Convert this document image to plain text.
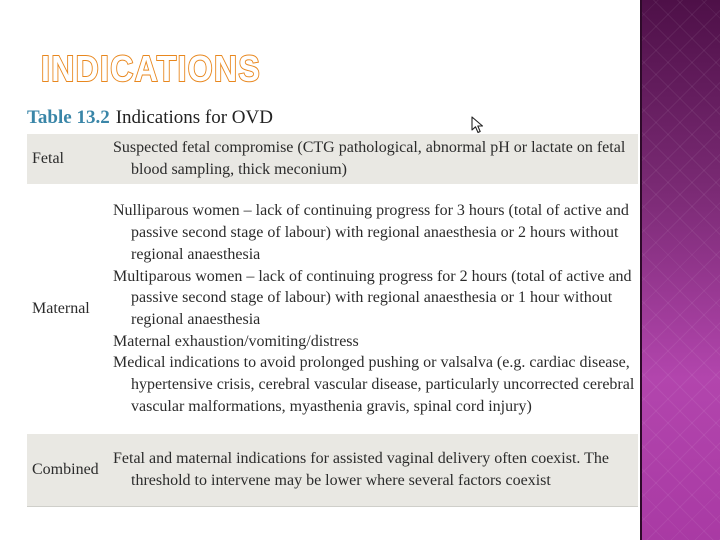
INDICATIONS
Table 13.2 Indications for OVD
Fetal	Suspected fetal compromise (CTG pathological, abnormal pH or lactate on fetal blood sampling, thick meconium)

Maternal	Nulliparous women – lack of continuing progress for 3 hours (total of active and passive second stage of labour) with regional anaesthesia or 2 hours without regional anaesthesia
Multiparous women – lack of continuing progress for 2 hours (total of active and passive second stage of labour) with regional anaesthesia or 1 hour without regional anaesthesia
Maternal exhaustion/vomiting/distress
Medical indications to avoid prolonged pushing or valsalva (e.g. cardiac disease, hypertensive crisis, cerebral vascular disease, particularly uncorrected cerebral vascular malformations, myasthenia gravis, spinal cord injury)

Combined	Fetal and maternal indications for assisted vaginal delivery often coexist. The threshold to intervene may be lower where several factors coexist
